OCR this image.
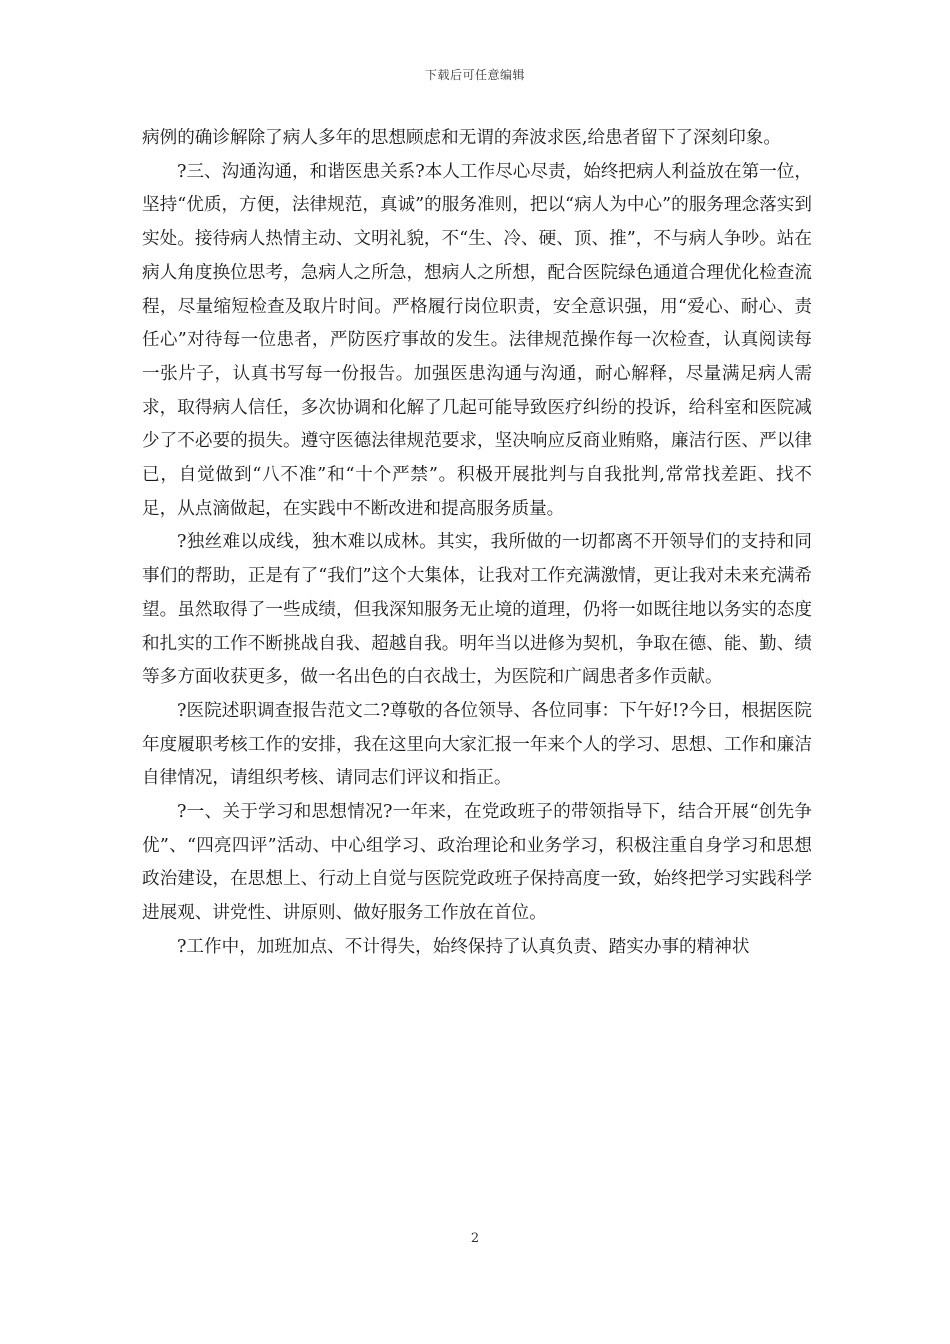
下载后可任意编辑

病例的确诊解除了病人多年的思想顾虑和无谓的奔波求医,给患者留下了深刻印象。

?三、沟通沟通，和谐医患关系?本人工作尽心尽责，始终把病人利益放在第一位，坚持“优质，方便，法律规范，真诚”的服务准则，把以“病人为中心”的服务理念落实到实处。接待病人热情主动、文明礼貌，不“生、冷、硬、顶、推”，不与病人争吵。站在病人角度换位思考，急病人之所急，想病人之所想，配合医院绿色通道合理优化检查流程，尽量缩短检查及取片时间。严格履行岗位职责，安全意识强，用“爱心、耐心、责任心”对待每一位患者，严防医疗事故的发生。法律规范操作每一次检查，认真阅读每一张片子，认真书写每一份报告。加强医患沟通与沟通，耐心解释，尽量满足病人需求，取得病人信任，多次协调和化解了几起可能导致医疗纠纷的投诉，给科室和医院减少了不必要的损失。遵守医德法律规范要求，坚决响应反商业贿赂，廉洁行医、严以律已，自觉做到“八不准”和“十个严禁”。积极开展批判与自我批判,常常找差距、找不足，从点滴做起，在实践中不断改进和提高服务质量。

?独丝难以成线，独木难以成林。其实，我所做的一切都离不开领导们的支持和同事们的帮助，正是有了“我们”这个大集体，让我对工作充满激情，更让我对未来充满希望。虽然取得了一些成绩，但我深知服务无止境的道理，仍将一如既往地以务实的态度和扎实的工作不断挑战自我、超越自我。明年当以进修为契机，争取在德、能、勤、绩等多方面收获更多，做一名出色的白衣战士，为医院和广阔患者多作贡献。

?医院述职调查报告范文二?尊敬的各位领导、各位同事：下午好!?今日，根据医院年度履职考核工作的安排，我在这里向大家汇报一年来个人的学习、思想、工作和廉洁自律情况，请组织考核、请同志们评议和指正。

?一、关于学习和思想情况?一年来，在党政班子的带领指导下，结合开展“创先争优”、“四亮四评”活动、中心组学习、政治理论和业务学习，积极注重自身学习和思想政治建设，在思想上、行动上自觉与医院党政班子保持高度一致，始终把学习实践科学进展观、讲党性、讲原则、做好服务工作放在首位。

?工作中，加班加点、不计得失，始终保持了认真负责、踏实办事的精神状

2
